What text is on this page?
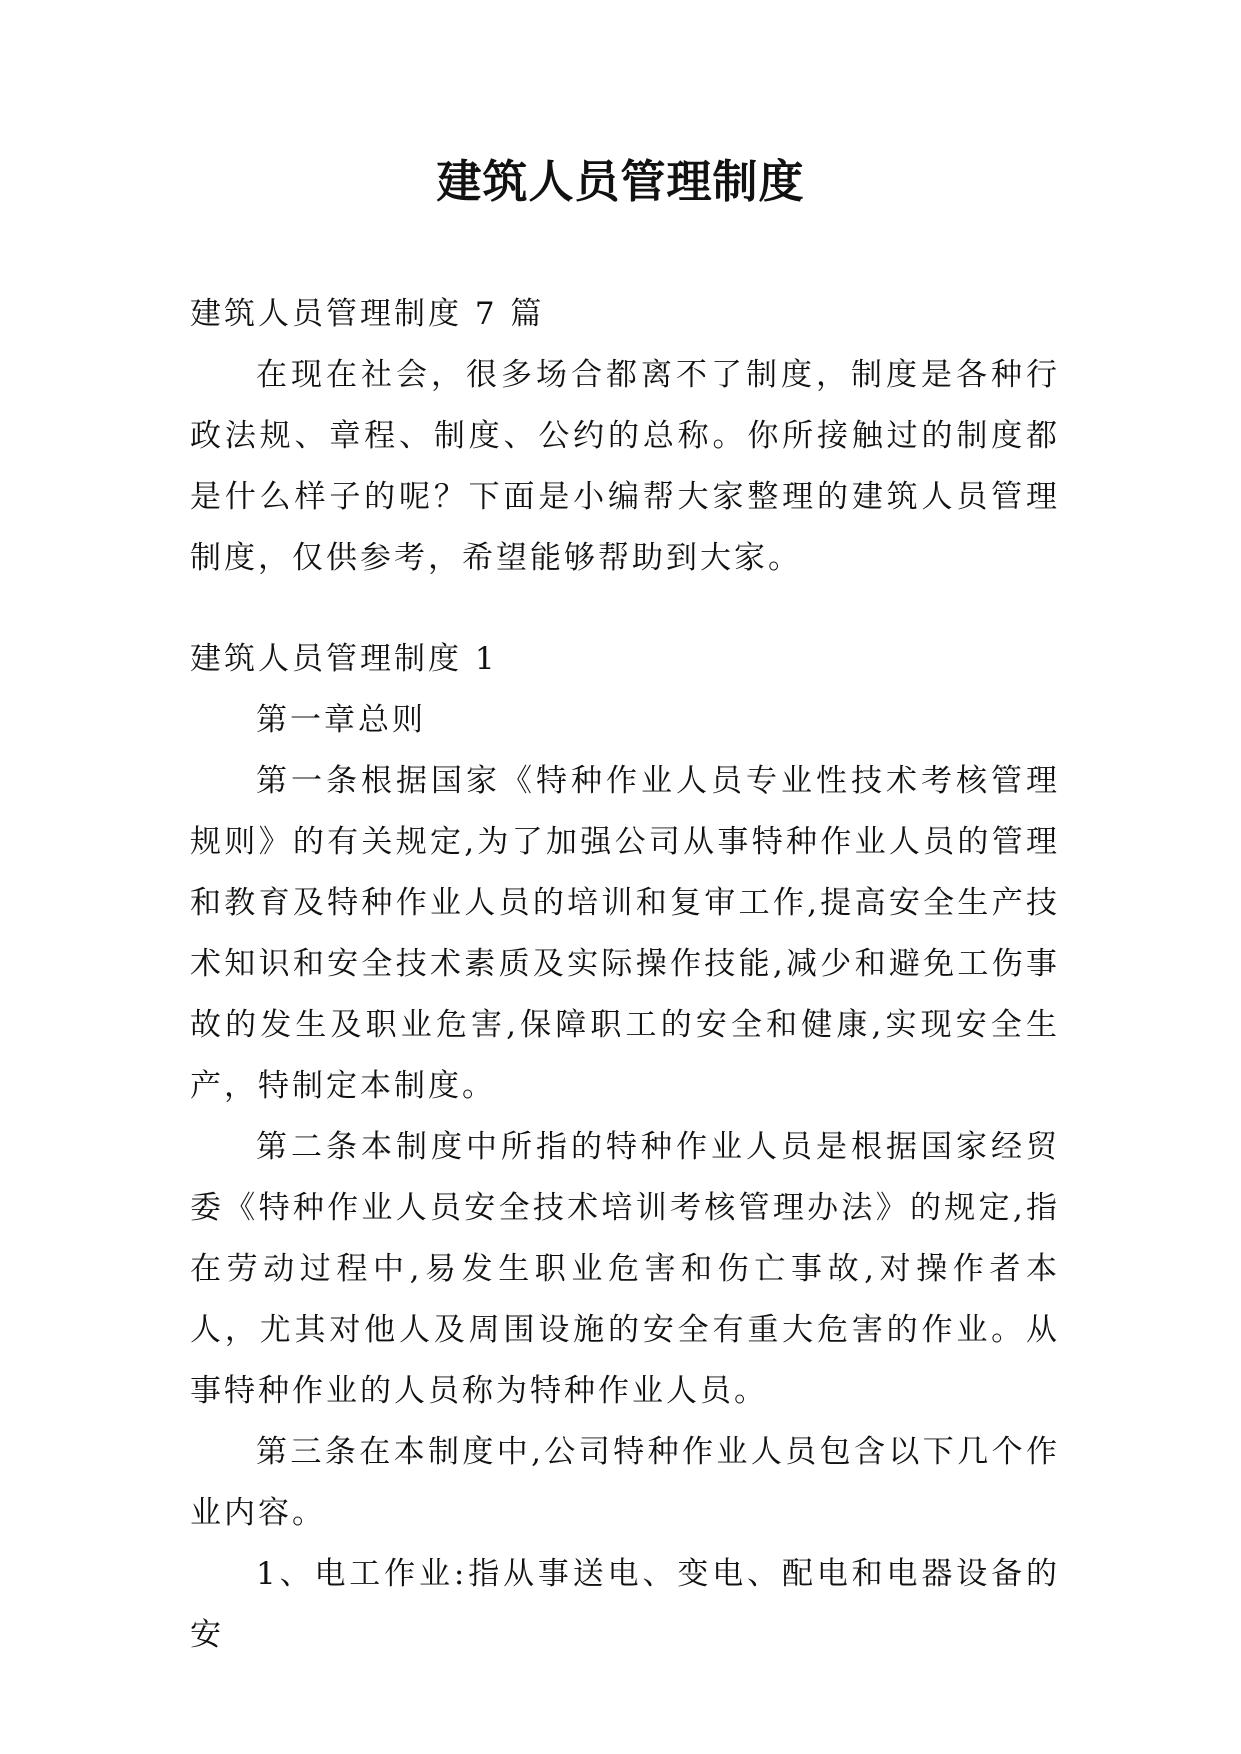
建筑人员管理制度

建筑人员管理制度 7 篇

在现在社会，很多场合都离不了制度，制度是各种行政法规、章程、制度、公约的总称。你所接触过的制度都是什么样子的呢？下面是小编帮大家整理的建筑人员管理制度，仅供参考，希望能够帮助到大家。

建筑人员管理制度 1

第一章总则

第一条根据国家《特种作业人员专业性技术考核管理规则》的有关规定,为了加强公司从事特种作业人员的管理和教育及特种作业人员的培训和复审工作,提高安全生产技术知识和安全技术素质及实际操作技能,减少和避免工伤事故的发生及职业危害,保障职工的安全和健康,实现安全生产，特制定本制度。

第二条本制度中所指的特种作业人员是根据国家经贸委《特种作业人员安全技术培训考核管理办法》的规定,指在劳动过程中,易发生职业危害和伤亡事故,对操作者本人，尤其对他人及周围设施的安全有重大危害的作业。从事特种作业的人员称为特种作业人员。

第三条在本制度中,公司特种作业人员包含以下几个作业内容。

1、电工作业:指从事送电、变电、配电和电器设备的安
